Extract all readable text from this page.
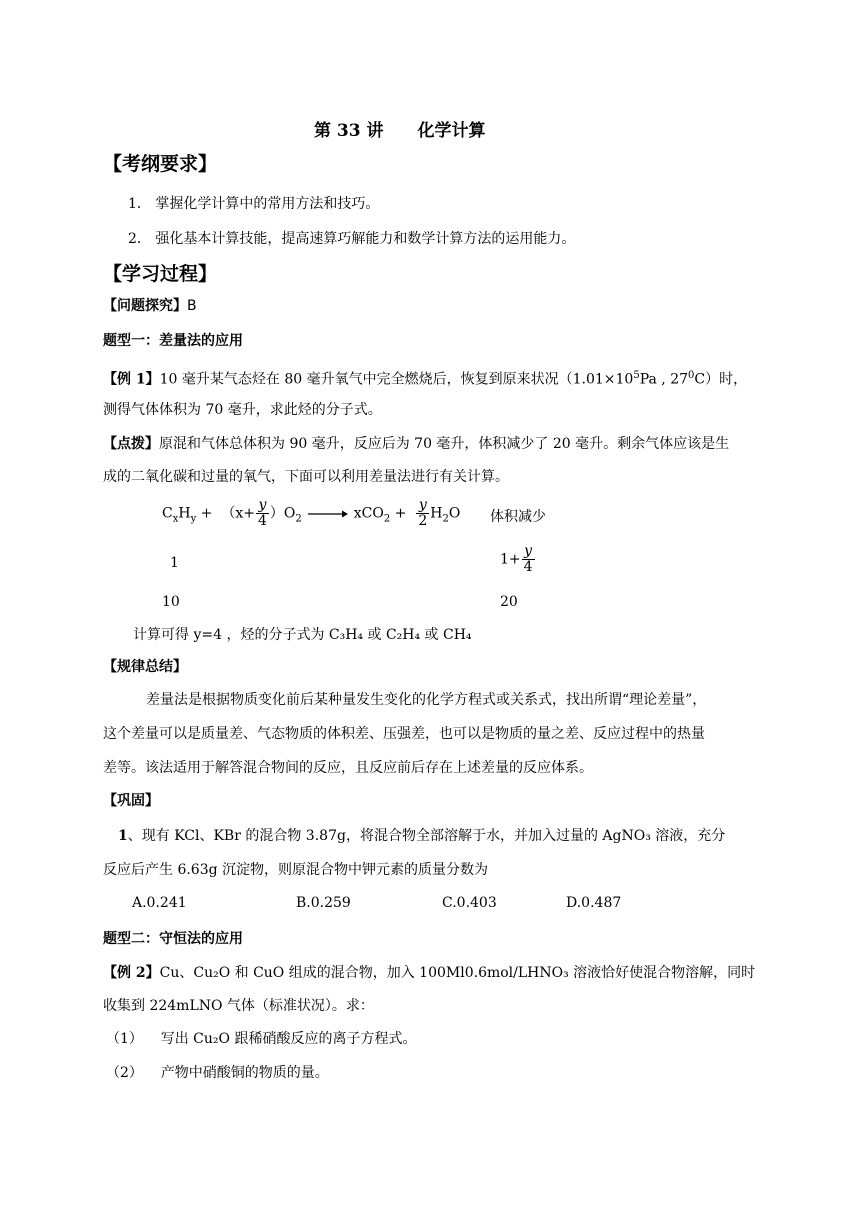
第 33 讲　　化学计算
【考纲要求】
1． 掌握化学计算中的常用方法和技巧。
2． 强化基本计算技能，提高速算巧解能力和数学计算方法的运用能力。
【学习过程】
【问题探究】B
题型一：差量法的应用
【例 1】10 毫升某气态烃在 80 毫升氧气中完全燃烧后，恢复到原来状况（$1.01\times 10^5Pa$ , $27^0C$）时，
测得气体体积为 70 毫升，求此烃的分子式。
【点拨】原混和气体总体积为 90 毫升，反应后为 70 毫升，体积减少了 20 毫升。剩余气体应该是生
成的二氧化碳和过量的氧气，下面可以利用差量法进行有关计算。
$C_xH_y + (x+ \frac{y}{4} )O_2 \to xCO_2 + \frac{y}{2} H_2O$ 体积减少
1	$1+ \frac{y}{4}$
10	20
计算可得 y=4 ，烃的分子式为 C₃H₄ 或 C₂H₄ 或 CH₄
【规律总结】
差量法是根据物质变化前后某种量发生变化的化学方程式或关系式，找出所谓“理论差量”，
这个差量可以是质量差、气态物质的体积差、压强差，也可以是物质的量之差、反应过程中的热量
差等。该法适用于解答混合物间的反应，且反应前后存在上述差量的反应体系。
【巩固】
1、现有 KCl、KBr 的混合物 3.87g，将混合物全部溶解于水，并加入过量的 AgNO₃ 溶液，充分
反应后产生 6.63g 沉淀物，则原混合物中钾元素的质量分数为
A.0.241	B.0.259	C.0.403	D.0.487
题型二：守恒法的应用
【例 2】Cu、Cu₂O 和 CuO 组成的混合物，加入 100Ml0.6mol/LHNO₃ 溶液恰好使混合物溶解，同时
收集到 224mLNO 气体（标准状况）。求：
（1） 写出 Cu₂O 跟稀硝酸反应的离子方程式。
（2） 产物中硝酸铜的物质的量。
